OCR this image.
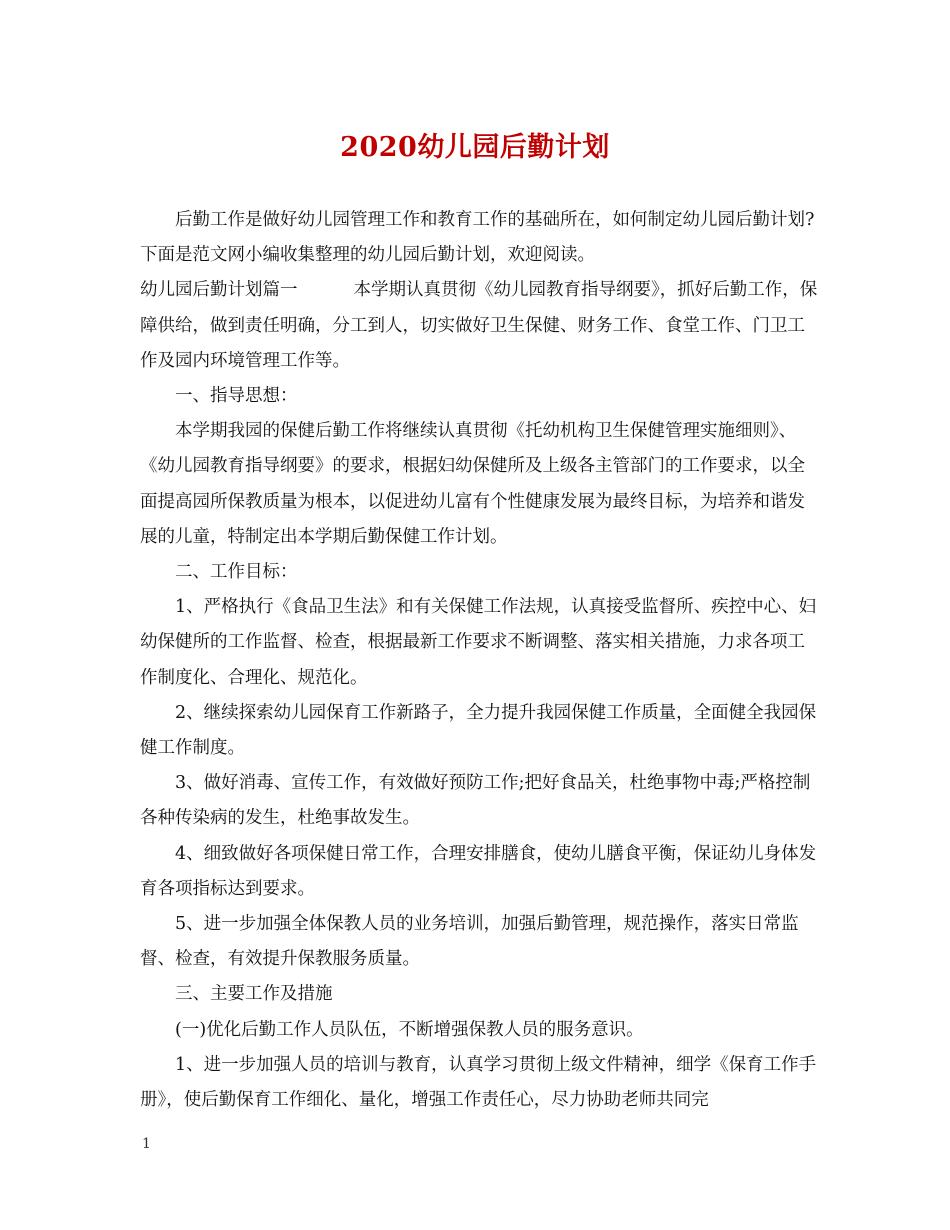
2020幼儿园后勤计划

后勤工作是做好幼儿园管理工作和教育工作的基础所在，如何制定幼儿园后勤计划?下面是范文网小编收集整理的幼儿园后勤计划，欢迎阅读。

幼儿园后勤计划篇一	本学期认真贯彻《幼儿园教育指导纲要》，抓好后勤工作，保障供给，做到责任明确，分工到人，切实做好卫生保健、财务工作、食堂工作、门卫工作及园内环境管理工作等。

一、指导思想：

本学期我园的保健后勤工作将继续认真贯彻《托幼机构卫生保健管理实施细则》、《幼儿园教育指导纲要》的要求，根据妇幼保健所及上级各主管部门的工作要求，以全面提高园所保教质量为根本，以促进幼儿富有个性健康发展为最终目标，为培养和谐发展的儿童，特制定出本学期后勤保健工作计划。

二、工作目标：

1、严格执行《食品卫生法》和有关保健工作法规，认真接受监督所、疾控中心、妇幼保健所的工作监督、检查，根据最新工作要求不断调整、落实相关措施，力求各项工作制度化、合理化、规范化。

2、继续探索幼儿园保育工作新路子，全力提升我园保健工作质量，全面健全我园保健工作制度。

3、做好消毒、宣传工作，有效做好预防工作;把好食品关，杜绝事物中毒;严格控制各种传染病的发生，杜绝事故发生。

4、细致做好各项保健日常工作，合理安排膳食，使幼儿膳食平衡，保证幼儿身体发育各项指标达到要求。

5、进一步加强全体保教人员的业务培训，加强后勤管理，规范操作，落实日常监督、检查，有效提升保教服务质量。

三、主要工作及措施

(一)优化后勤工作人员队伍，不断增强保教人员的服务意识。

1、进一步加强人员的培训与教育，认真学习贯彻上级文件精神，细学《保育工作手册》，使后勤保育工作细化、量化，增强工作责任心，尽力协助老师共同完

1
